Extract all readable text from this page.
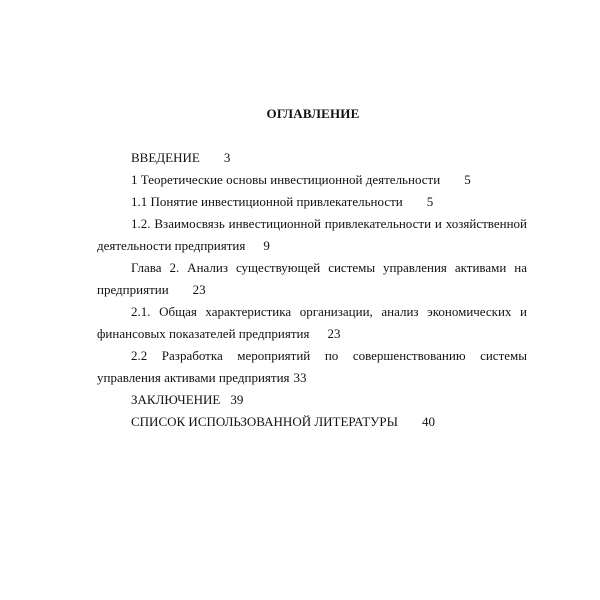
ОГЛАВЛЕНИЕ

ВВЕДЕНИЕ 3

1 Теоретические основы инвестиционной деятельности 5

1.1 Понятие инвестиционной привлекательности 5

1.2. Взаимосвязь инвестиционной привлекательности и хозяйственной
деятельности предприятия 9

Глава 2. Анализ существующей системы управления активами на
предприятии 23

2.1. Общая характеристика организации, анализ экономических и
финансовых показателей предприятия 23

2.2 Разработка мероприятий по совершенствованию системы
управления активами предприятия 33

ЗАКЛЮЧЕНИЕ 39

СПИСОК ИСПОЛЬЗОВАННОЙ ЛИТЕРАТУРЫ 40
